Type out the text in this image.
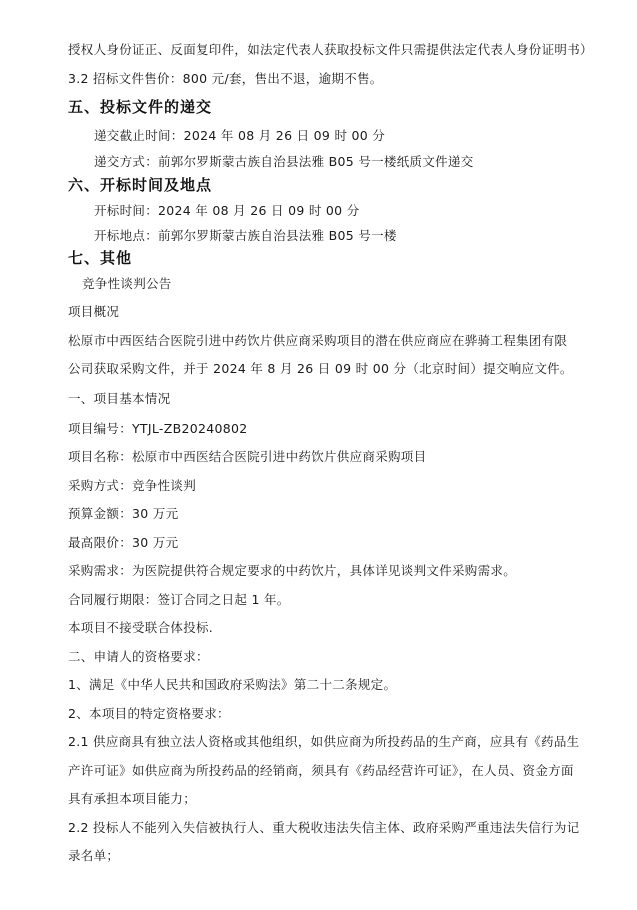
授权人身份证正、反面复印件，如法定代表人获取投标文件只需提供法定代表人身份证明书）
3.2 招标文件售价：800 元/套，售出不退，逾期不售。
五、投标文件的递交
递交截止时间：2024 年 08 月 26 日 09 时 00 分
递交方式：前郭尔罗斯蒙古族自治县法雅 B05 号一楼纸质文件递交
六、开标时间及地点
开标时间：2024 年 08 月 26 日 09 时 00 分
开标地点：前郭尔罗斯蒙古族自治县法雅 B05 号一楼
七、其他
竞争性谈判公告
项目概况
松原市中西医结合医院引进中药饮片供应商采购项目的潜在供应商应在骅骑工程集团有限
公司获取采购文件，并于 2024 年 8 月 26 日 09 时 00 分（北京时间）提交响应文件。
一、项目基本情况
项目编号：YTJL-ZB20240802
项目名称：松原市中西医结合医院引进中药饮片供应商采购项目
采购方式：竞争性谈判
预算金额：30 万元
最高限价：30 万元
采购需求：为医院提供符合规定要求的中药饮片，具体详见谈判文件采购需求。
合同履行期限：签订合同之日起 1 年。
本项目不接受联合体投标.
二、申请人的资格要求：
1、满足《中华人民共和国政府采购法》第二十二条规定。
2、本项目的特定资格要求：
2.1 供应商具有独立法人资格或其他组织，如供应商为所投药品的生产商，应具有《药品生
产许可证》如供应商为所投药品的经销商，须具有《药品经营许可证》，在人员、资金方面
具有承担本项目能力；
2.2 投标人不能列入失信被执行人、重大税收违法失信主体、政府采购严重违法失信行为记
录名单；
